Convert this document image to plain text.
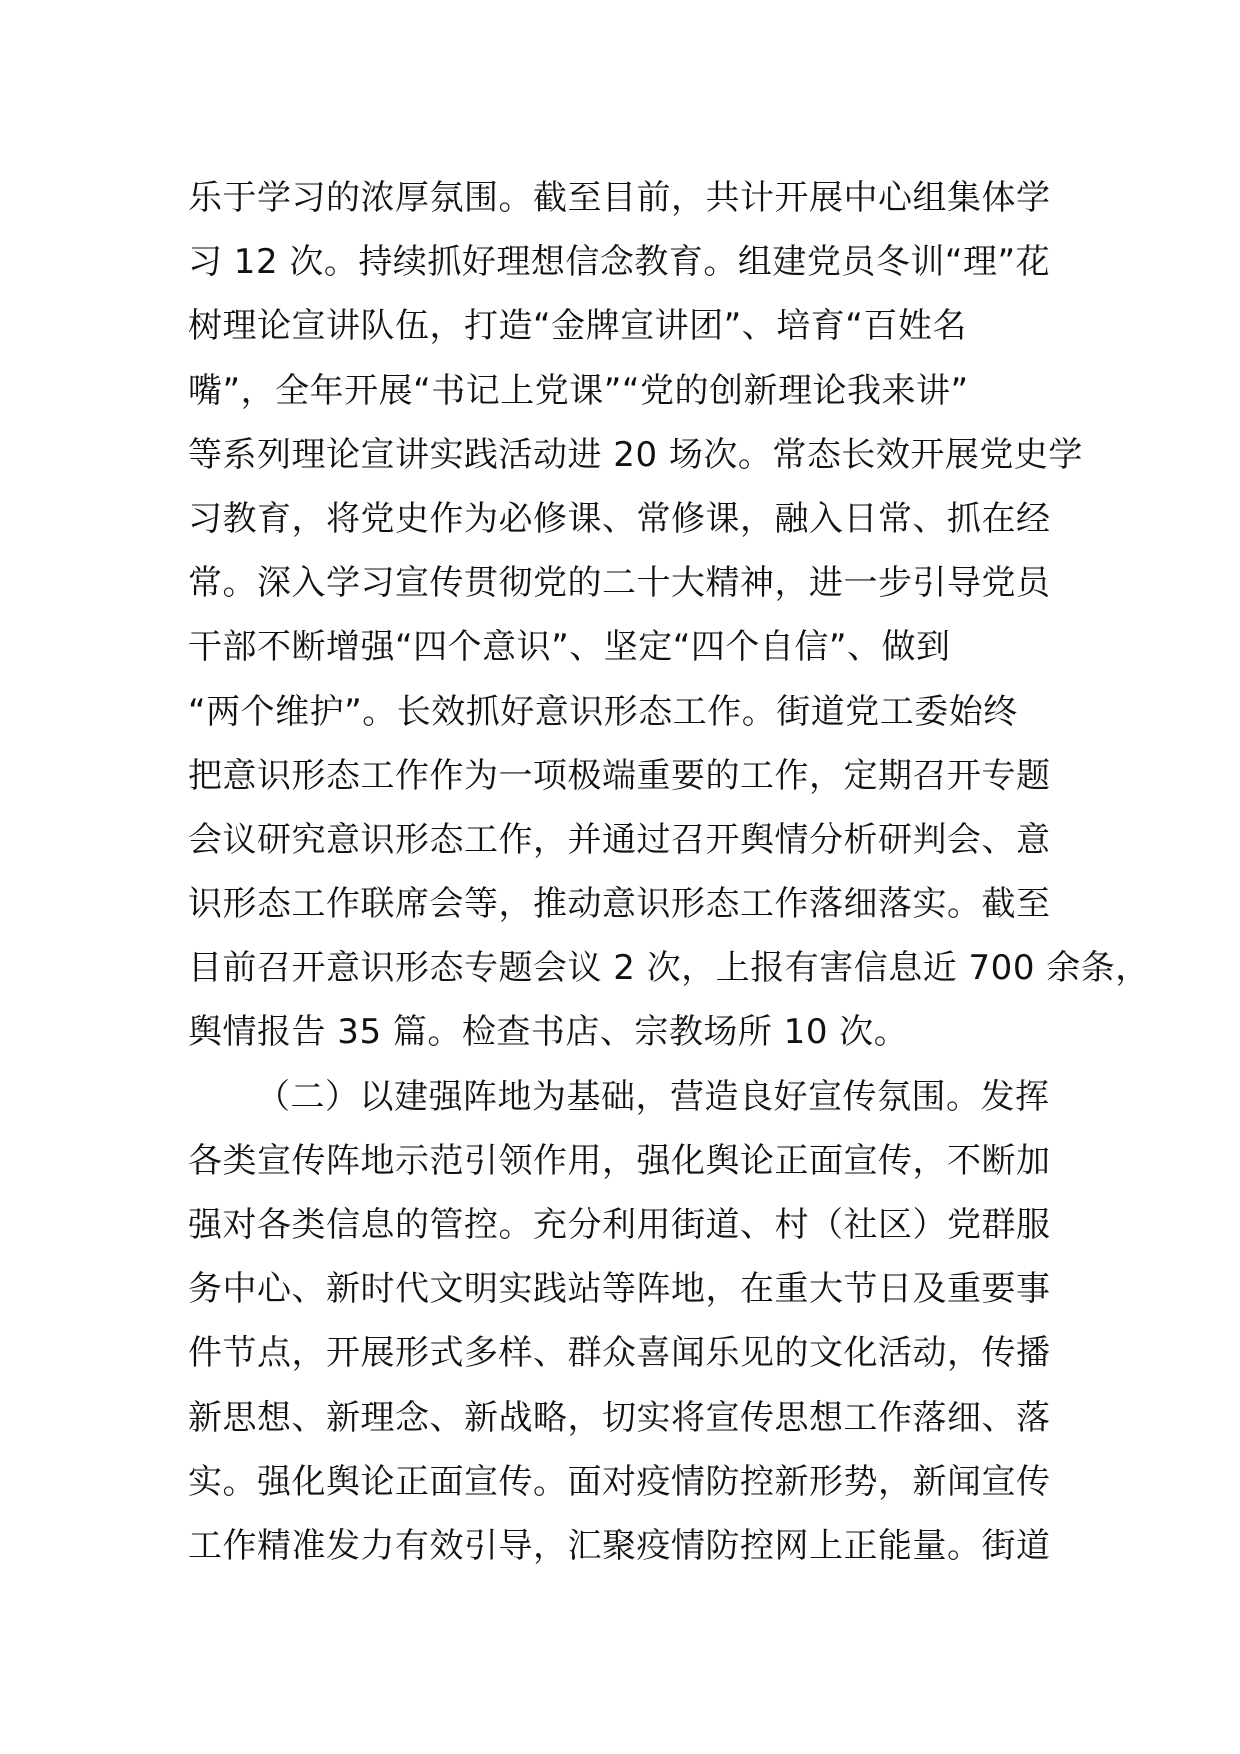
乐于学习的浓厚氛围。截至目前，共计开展中心组集体学
习 12 次。持续抓好理想信念教育。组建党员冬训“理”花
树理论宣讲队伍，打造“金牌宣讲团”、培育“百姓名
嘴”，全年开展“书记上党课”“党的创新理论我来讲”
等系列理论宣讲实践活动进 20 场次。常态长效开展党史学
习教育，将党史作为必修课、常修课，融入日常、抓在经
常。深入学习宣传贯彻党的二十大精神，进一步引导党员
干部不断增强“四个意识”、坚定“四个自信”、做到
“两个维护”。长效抓好意识形态工作。街道党工委始终
把意识形态工作作为一项极端重要的工作，定期召开专题
会议研究意识形态工作，并通过召开舆情分析研判会、意
识形态工作联席会等，推动意识形态工作落细落实。截至
目前召开意识形态专题会议 2 次，上报有害信息近 700 余条，
舆情报告 35 篇。检查书店、宗教场所 10 次。
（二）以建强阵地为基础，营造良好宣传氛围。发挥
各类宣传阵地示范引领作用，强化舆论正面宣传，不断加
强对各类信息的管控。充分利用街道、村（社区）党群服
务中心、新时代文明实践站等阵地，在重大节日及重要事
件节点，开展形式多样、群众喜闻乐见的文化活动，传播
新思想、新理念、新战略，切实将宣传思想工作落细、落
实。强化舆论正面宣传。面对疫情防控新形势，新闻宣传
工作精准发力有效引导，汇聚疫情防控网上正能量。街道
